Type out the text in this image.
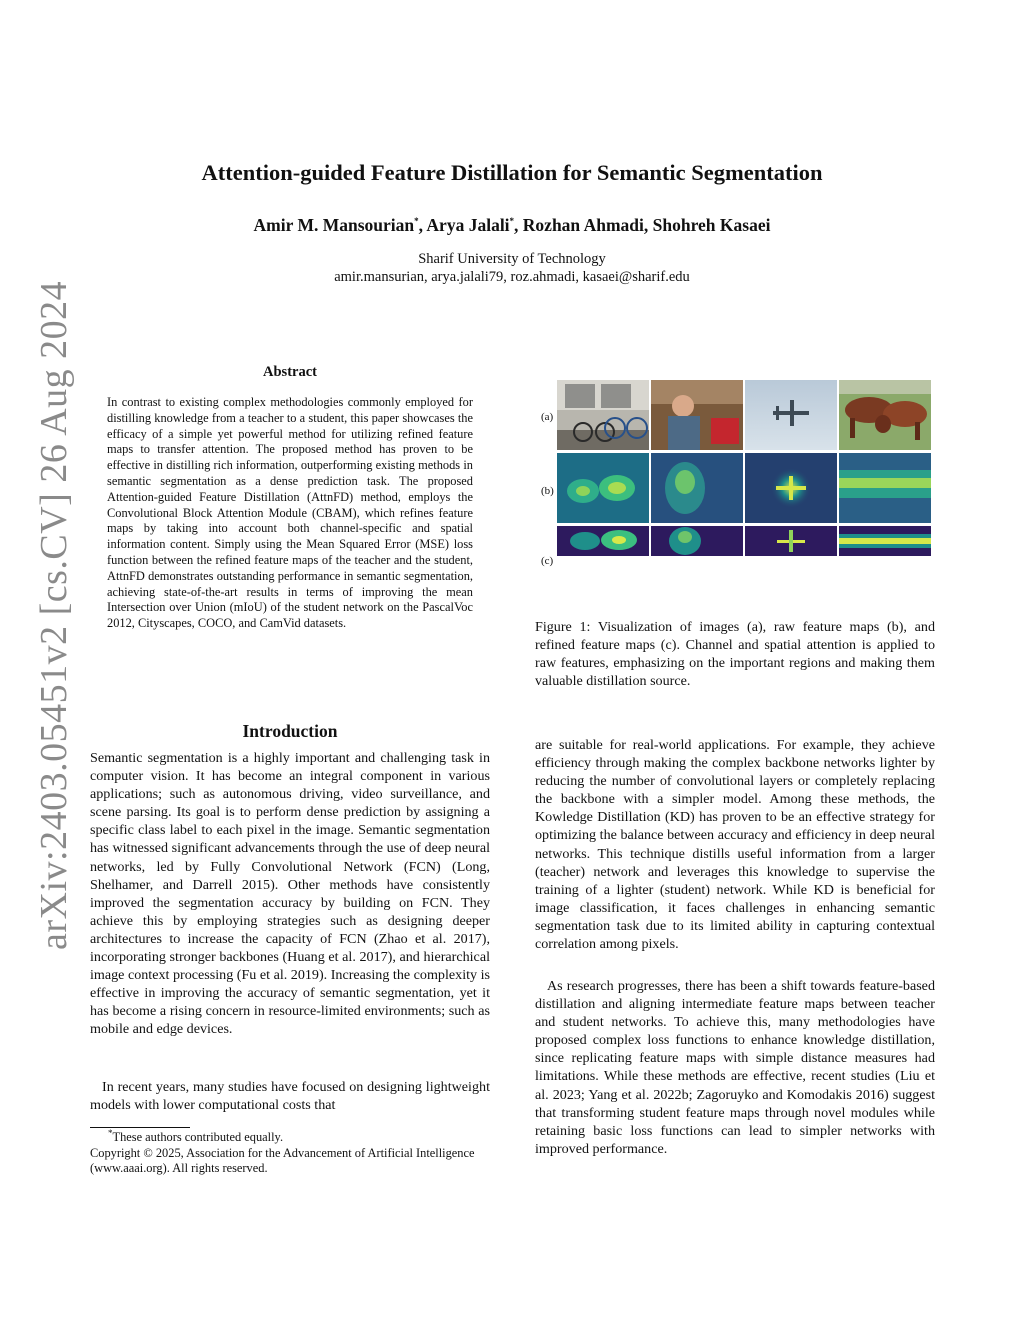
arXiv:2403.05451v2 [cs.CV] 26 Aug 2024
Attention-guided Feature Distillation for Semantic Segmentation
Amir M. Mansourian*, Arya Jalali*, Rozhan Ahmadi, Shohreh Kasaei
Sharif University of Technology
amir.mansurian, arya.jalali79, roz.ahmadi, kasaei@sharif.edu
Abstract
In contrast to existing complex methodologies commonly employed for distilling knowledge from a teacher to a student, this paper showcases the efficacy of a simple yet powerful method for utilizing refined feature maps to transfer attention. The proposed method has proven to be effective in distilling rich information, outperforming existing methods in semantic segmentation as a dense prediction task. The proposed Attention-guided Feature Distillation (AttnFD) method, employs the Convolutional Block Attention Module (CBAM), which refines feature maps by taking into account both channel-specific and spatial information content. Simply using the Mean Squared Error (MSE) loss function between the refined feature maps of the teacher and the student, AttnFD demonstrates outstanding performance in semantic segmentation, achieving state-of-the-art results in terms of improving the mean Intersection over Union (mIoU) of the student network on the PascalVoc 2012, Cityscapes, COCO, and CamVid datasets.
Introduction
Semantic segmentation is a highly important and challenging task in computer vision. It has become an integral component in various applications; such as autonomous driving, video surveillance, and scene parsing. Its goal is to perform dense prediction by assigning a specific class label to each pixel in the image. Semantic segmentation has witnessed significant advancements through the use of deep neural networks, led by Fully Convolutional Network (FCN) (Long, Shelhamer, and Darrell 2015). Other methods have consistently improved the segmentation accuracy by building on FCN. They achieve this by employing strategies such as designing deeper architectures to increase the capacity of FCN (Zhao et al. 2017), incorporating stronger backbones (Huang et al. 2017), and hierarchical image context processing (Fu et al. 2019). Increasing the complexity is effective in improving the accuracy of semantic segmentation, yet it has become a rising concern in resource-limited environments; such as mobile and edge devices.
In recent years, many studies have focused on designing lightweight models with lower computational costs that
*These authors contributed equally.
Copyright © 2025, Association for the Advancement of Artificial Intelligence (www.aaai.org). All rights reserved.
(a)
(b)
(c)
Figure 1: Visualization of images (a), raw feature maps (b), and refined feature maps (c). Channel and spatial attention is applied to raw features, emphasizing on the important regions and making them valuable distillation source.
are suitable for real-world applications. For example, they achieve efficiency through making the complex backbone networks lighter by reducing the number of convolutional layers or completely replacing the backbone with a simpler model. Among these methods, the Kowledge Distillation (KD) has proven to be an effective strategy for optimizing the balance between accuracy and efficiency in deep neural networks. This technique distills useful information from a larger (teacher) network and leverages this knowledge to supervise the training of a lighter (student) network. While KD is beneficial for image classification, it faces challenges in enhancing semantic segmentation task due to its limited ability in capturing contextual correlation among pixels.
As research progresses, there has been a shift towards feature-based distillation and aligning intermediate feature maps between teacher and student networks. To achieve this, many methodologies have proposed complex loss functions to enhance knowledge distillation, since replicating feature maps with simple distance measures had limitations. While these methods are effective, recent studies (Liu et al. 2023; Yang et al. 2022b; Zagoruyko and Komodakis 2016) suggest that transforming student feature maps through novel modules while retaining basic loss functions can lead to simpler networks with improved performance.
